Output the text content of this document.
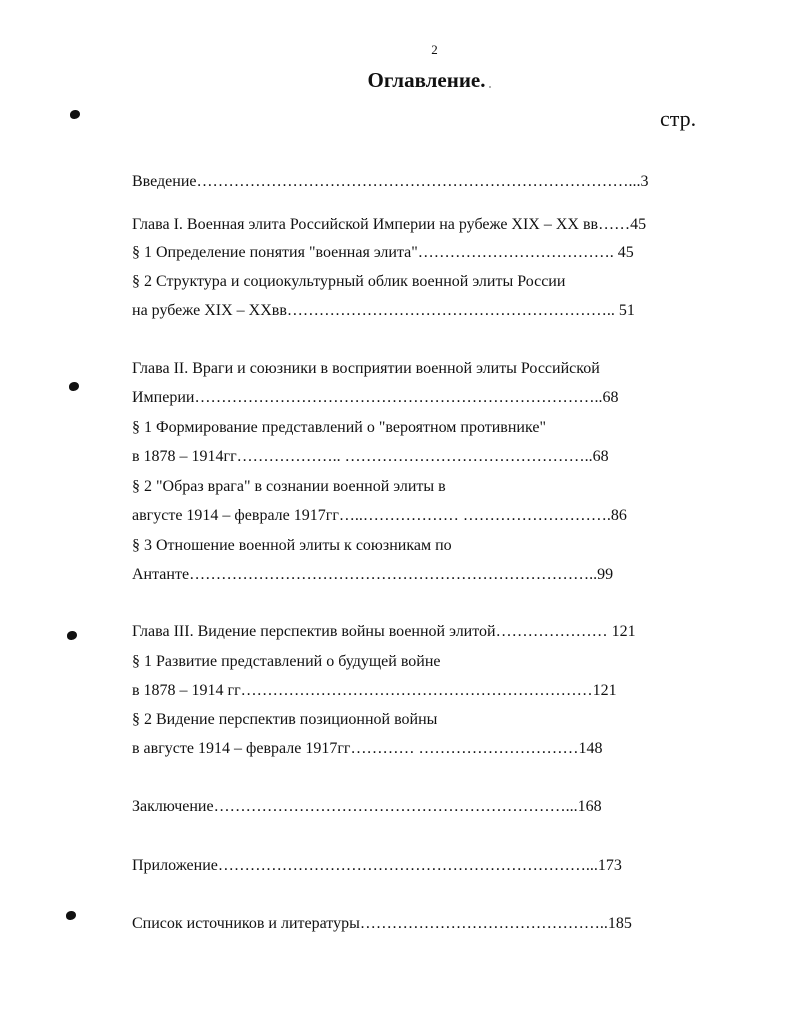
2
Оглавление.
стр.
Введение………………………………………………………………………...3
Глава I. Военная элита Российской Империи на рубеже XIX – XX вв……45
§ 1 Определение понятия "военная элита"………………………………. 45
§ 2 Структура и социокультурный облик военной элиты России
на рубеже XIX – XXвв…………………………………………………….. 51
Глава II. Враги и союзники в восприятии военной элиты Российской
Империи…………………………………………………………………..68
§ 1 Формирование представлений о "вероятном противнике"
в 1878 – 1914гг……………….. ………………………………………..68
§ 2 "Образ врага" в сознании военной элиты в
августе 1914 – феврале 1917гг…..……………… ……………………….86
§ 3 Отношение военной элиты к союзникам по
Антанте…………………………………………………………………..99
Глава III. Видение перспектив войны военной элитой………………… 121
§ 1 Развитие представлений о будущей войне
в 1878 – 1914 гг…………………………………………………………121
§ 2 Видение перспектив позиционной войны
в августе 1914 – феврале 1917гг………… …………………………148
Заключение…………………………………………………………...168
Приложение……………………………………………………………...173
Список источников и литературы………………………………………..185
